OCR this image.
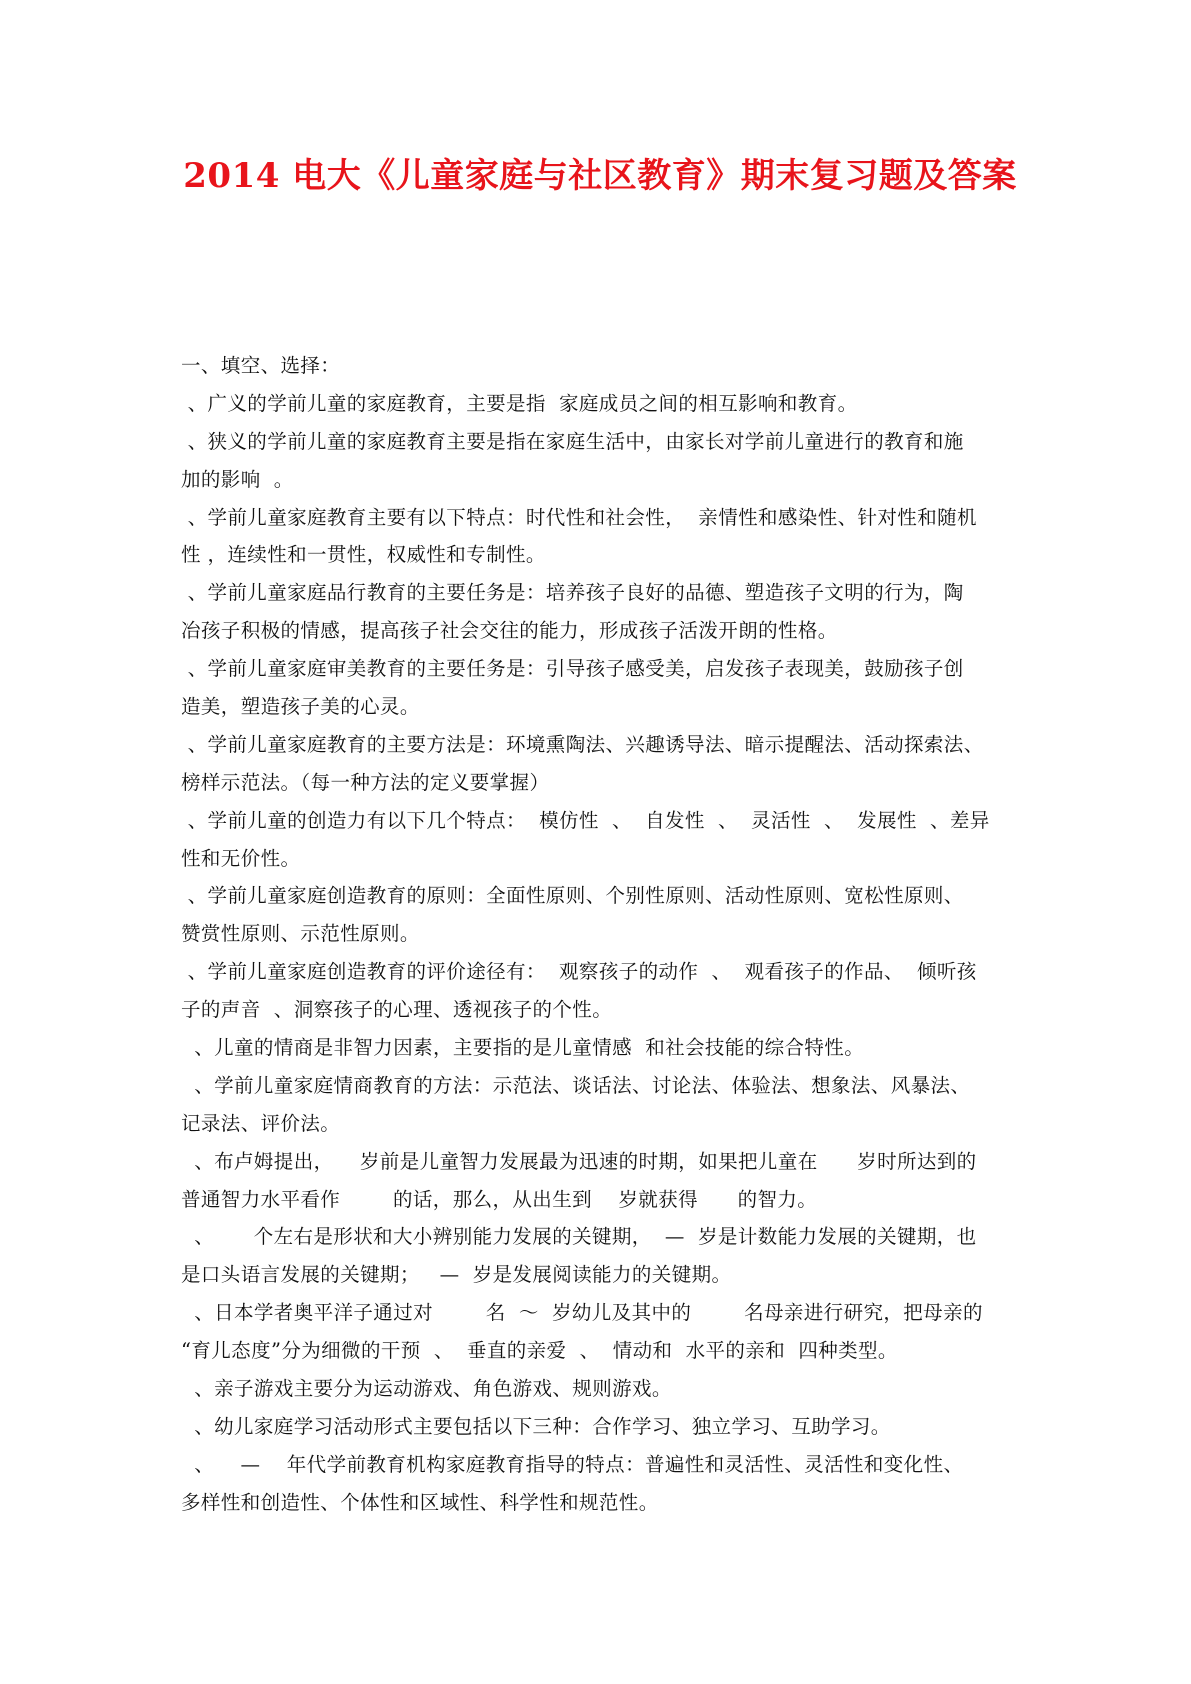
2014 电大《儿童家庭与社区教育》期末复习题及答案
一、填空、选择：
、广义的学前儿童的家庭教育，主要是指  家庭成员之间的相互影响和教育。
、狭义的学前儿童的家庭教育主要是指在家庭生活中，由家长对学前儿童进行的教育和施
加的影响  。
、学前儿童家庭教育主要有以下特点：时代性和社会性，  亲情性和感染性、针对性和随机
性 ，连续性和一贯性，权威性和专制性。
、学前儿童家庭品行教育的主要任务是：培养孩子良好的品德、塑造孩子文明的行为，陶
冶孩子积极的情感，提高孩子社会交往的能力，形成孩子活泼开朗的性格。
、学前儿童家庭审美教育的主要任务是：引导孩子感受美，启发孩子表现美，鼓励孩子创
造美，塑造孩子美的心灵。
、学前儿童家庭教育的主要方法是：环境熏陶法、兴趣诱导法、暗示提醒法、活动探索法、
榜样示范法。（每一种方法的定义要掌握）
、学前儿童的创造力有以下几个特点：  模仿性  、  自发性  、  灵活性  、  发展性  、差异
性和无价性。
、学前儿童家庭创造教育的原则：全面性原则、个别性原则、活动性原则、宽松性原则、
赞赏性原则、示范性原则。
、学前儿童家庭创造教育的评价途径有：  观察孩子的动作  、  观看孩子的作品、  倾听孩
子的声音  、洞察孩子的心理、透视孩子的个性。
、儿童的情商是非智力因素，主要指的是儿童情感  和社会技能的综合特性。
、学前儿童家庭情商教育的方法：示范法、谈话法、讨论法、体验法、想象法、风暴法、
记录法、评价法。
、布卢姆提出，    岁前是儿童智力发展最为迅速的时期，如果把儿童在      岁时所达到的
普通智力水平看作        的话，那么，从出生到    岁就获得      的智力。
、      个左右是形状和大小辨别能力发展的关键期，  —  岁是计数能力发展的关键期，也
是口头语言发展的关键期；   —  岁是发展阅读能力的关键期。
、日本学者奥平洋子通过对        名  ～  岁幼儿及其中的        名母亲进行研究，把母亲的
“育儿态度”分为细微的干预  、  垂直的亲爱  、  情动和  水平的亲和  四种类型。
、亲子游戏主要分为运动游戏、角色游戏、规则游戏。
、幼儿家庭学习活动形式主要包括以下三种：合作学习、独立学习、互助学习。
、    —    年代学前教育机构家庭教育指导的特点：普遍性和灵活性、灵活性和变化性、
多样性和创造性、个体性和区域性、科学性和规范性。
